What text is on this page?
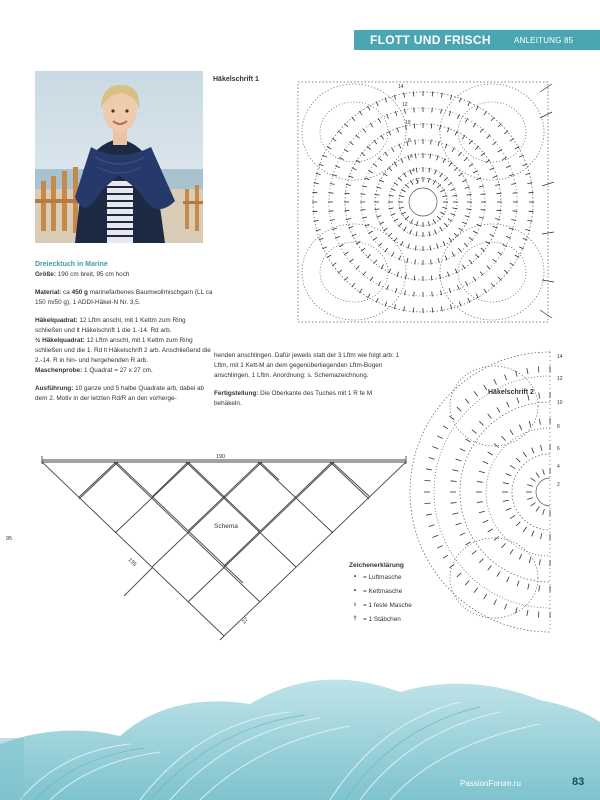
FLOTT UND FRISCH	ANLEITUNG 85
Häkelschrift 1
Häkelschrift 2
14
12
10
8
6
4
2
14
12
10
8
6
4
2
Dreiecktuch in Marine

Größe: 190 cm breit, 95 cm hoch

Material: ca 450 g marinefarbenes Baumwollmischgarn (LL ca 150 m/50 g), 1 ADDI-Häkel-N Nr. 3,5.

Häkelquadrat: 12 Lftm anschl, mit 1 Kettm zum Ring schließen und lt Häkelschrift 1 die 1.-14. Rd arb.

½ Häkelquadrat: 12 Lftm anschl, mit 1 Kettm zum Ring schließen und die 1. Rd lt Häkelschrift 2 arb. Anschließend die 2.-14. R in hin- und hergehenden R arb.

Maschenprobe: 1 Quadrat = 27 x 27 cm.

Ausführung: 10 ganze und 5 halbe Quadrate arb, dabei ab dem 2. Motiv in der letzten Rd/R an den vorherge-

henden anschlingen. Dafür jeweils statt der 3 Lftm wie folgt arb: 1 Lftm, mit 1 Kett-M an dem gegenüberliegenden Lftm-Bogen anschlingen, 1 Lftm. Anordnung: s. Schemazeichnung.

Fertigstellung: Die Oberkante des Tuches mit 1 R fe M behäkeln.

190
95
Schema
135
27
Zeichenerklärung
•	= Luftmasche
•	= Kettmasche
ı	= 1 feste Masche
† = 1 Stäbchen
PassionForum.ru	83
